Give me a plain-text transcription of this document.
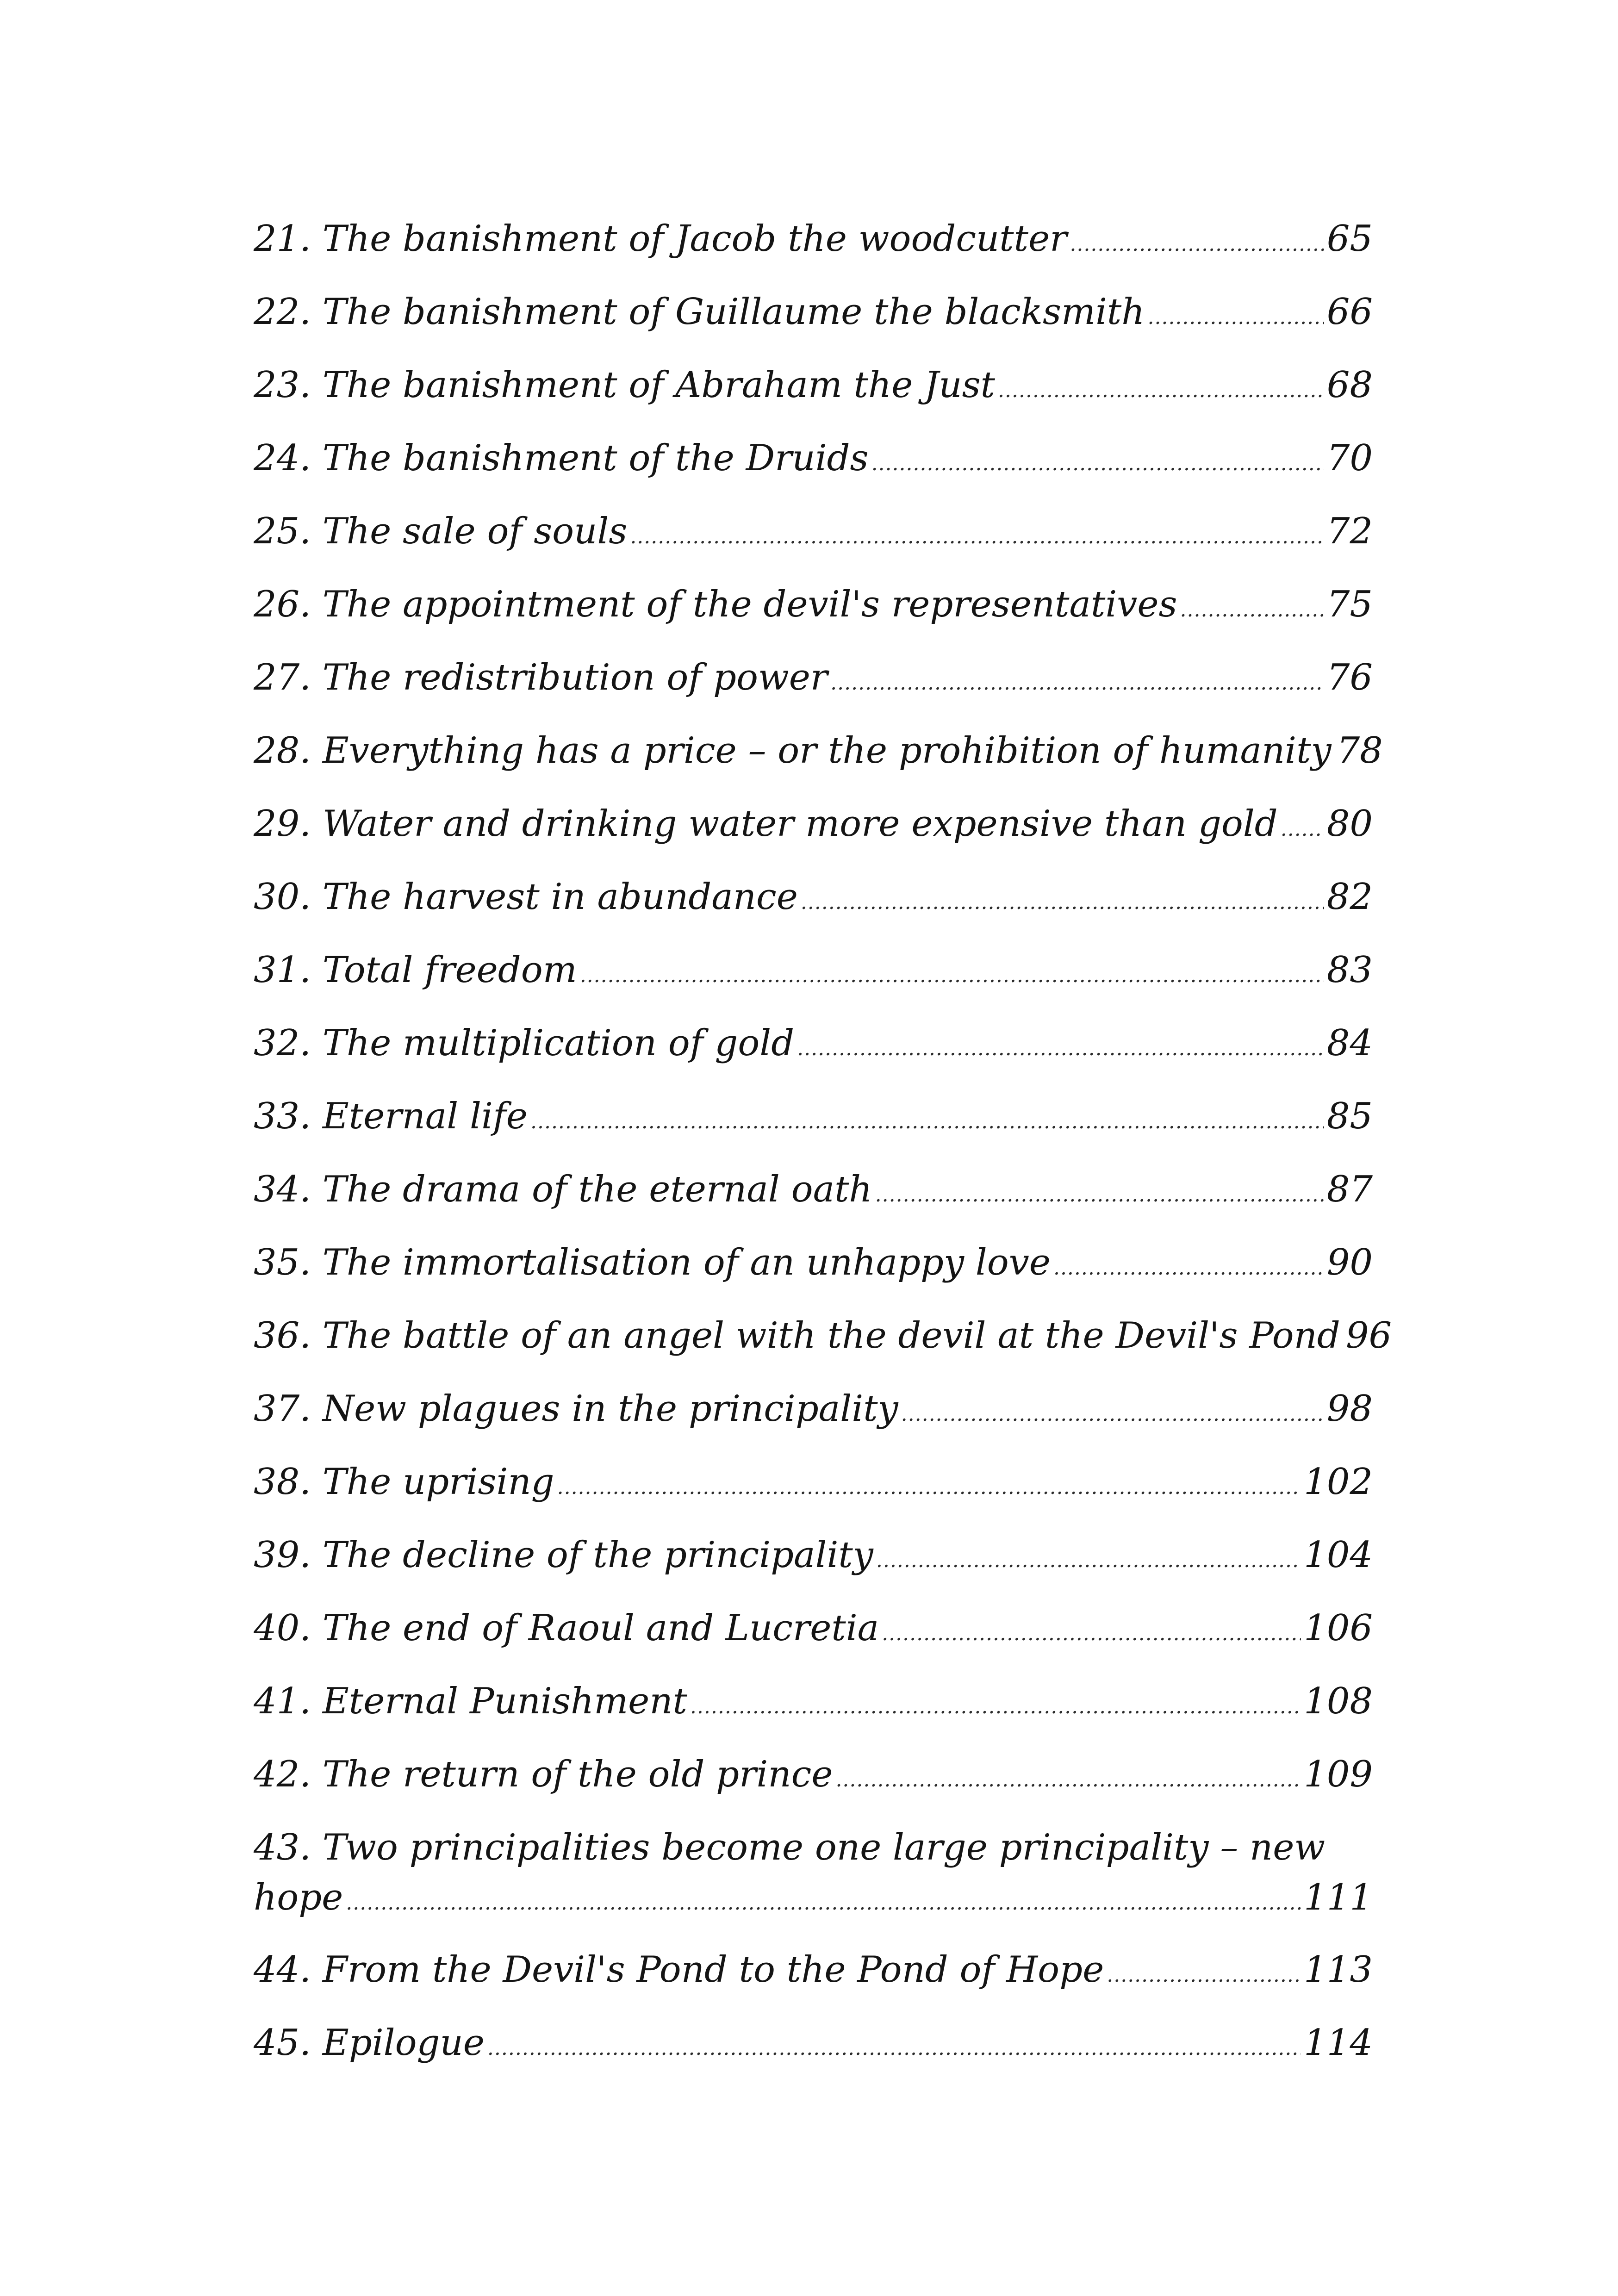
21. The banishment of Jacob the woodcutter .....	65
22. The banishment of Guillaume the blacksmith .....	66
23. The banishment of Abraham the Just .....	68
24. The banishment of the Druids .....	70
25. The sale of souls .....	72
26. The appointment of the devil's representatives .....	75
27. The redistribution of power .....	76
28. Everything has a price – or the prohibition of humanity 78
29. Water and drinking water more expensive than gold ..... 80
30. The harvest in abundance .....	82
31. Total freedom .....	83
32. The multiplication of gold .....	84
33. Eternal life .....	85
34. The drama of the eternal oath .....	87
35. The immortalisation of an unhappy love .....	90
36. The battle of an angel with the devil at the Devil's Pond 96
37. New plagues in the principality .....	98
38. The uprising .....	102
39. The decline of the principality .....	104
40. The end of Raoul and Lucretia .....	106
41. Eternal Punishment .....	108
42. The return of the old prince .....	109
43. Two principalities become one large principality – new
hope .....	111
44. From the Devil's Pond to the Pond of Hope .....	113
45. Epilogue .....	114
